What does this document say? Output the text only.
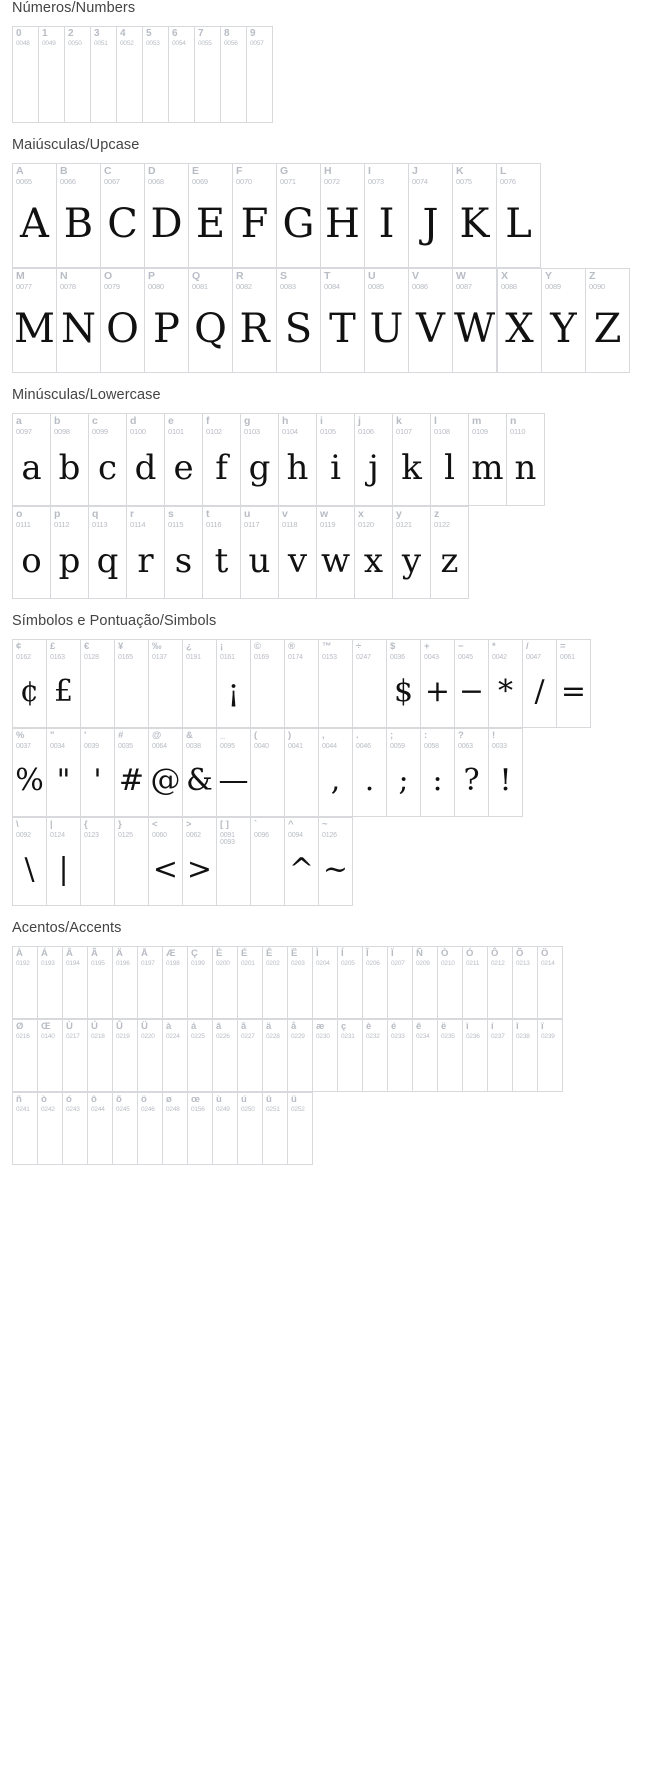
Números/Numbers
0
0048
1
0049
2
0050
3
0051
4
0052
5
0053
6
0054
7
0055
8
0056
9
0057
Maiúsculas/Upcase
A
0065
A
B
0066
B
C
0067
C
D
0068
D
E
0069
E
F
0070
F
G
0071
G
H
0072
H
I
0073
I
J
0074
J
K
0075
K
L
0076
L
M
0077
M
N
0078
N
O
0079
O
P
0080
P
Q
0081
Q
R
0082
R
S
0083
S
T
0084
T
U
0085
U
V
0086
V
W
0087
W
X
0088
X
Y
0089
Y
Z
0090
Z
Minúsculas/Lowercase
a
0097
a
b
0098
b
c
0099
c
d
0100
d
e
0101
e
f
0102
f
g
0103
g
h
0104
h
i
0105
i
j
0106
j
k
0107
k
l
0108
l
m
0109
m
n
0110
n
o
0111
o
p
0112
p
q
0113
q
r
0114
r
s
0115
s
t
0116
t
u
0117
u
v
0118
v
w
0119
w
x
0120
x
y
0121
y
z
0122
z
Símbolos e Pontuação/Simbols
¢
0162
¢
£
0163
£
€
0128
¥
0165
‰
0137
¿
0191
¡
0161
¡
©
0169
®
0174
™
0153
÷
0247
$
0036
$
+
0043
+
−
0045
−
*
0042
*
/
0047
/
=
0061
=
%
0037
%
"
0034
"
'
0039
'
#
0035
#
@
0064
@
&
0038
&
_
0095
—
(
0040
)
0041
,
0044
,
.
0046
.
;
0059
;
:
0058
:
?
0063
?
!
0033
!
\
0092
\
|
0124
|
{
0123
}
0125
<
0060
<
>
0062
>
[ ]
0091 0093
`
0096
^
0094
^
~
0126
~
Acentos/Accents
À
0192
Á
0193
Â
0194
Ã
0195
Ä
0196
Å
0197
Æ
0198
Ç
0199
È
0200
É
0201
Ê
0202
Ë
0203
Ì
0204
Í
0205
Î
0206
Ï
0207
Ñ
0209
Ò
0210
Ó
0211
Ô
0212
Õ
0213
Ö
0214
Ø
0216
Œ
0140
Ù
0217
Ú
0218
Û
0219
Ü
0220
à
0224
á
0225
â
0226
ã
0227
ä
0228
å
0229
æ
0230
ç
0231
è
0232
é
0233
ê
0234
ë
0235
ì
0236
í
0237
î
0238
ï
0239
ñ
0241
ò
0242
ó
0243
ô
0244
õ
0245
ö
0246
ø
0248
œ
0156
ù
0249
ú
0250
û
0251
ü
0252
